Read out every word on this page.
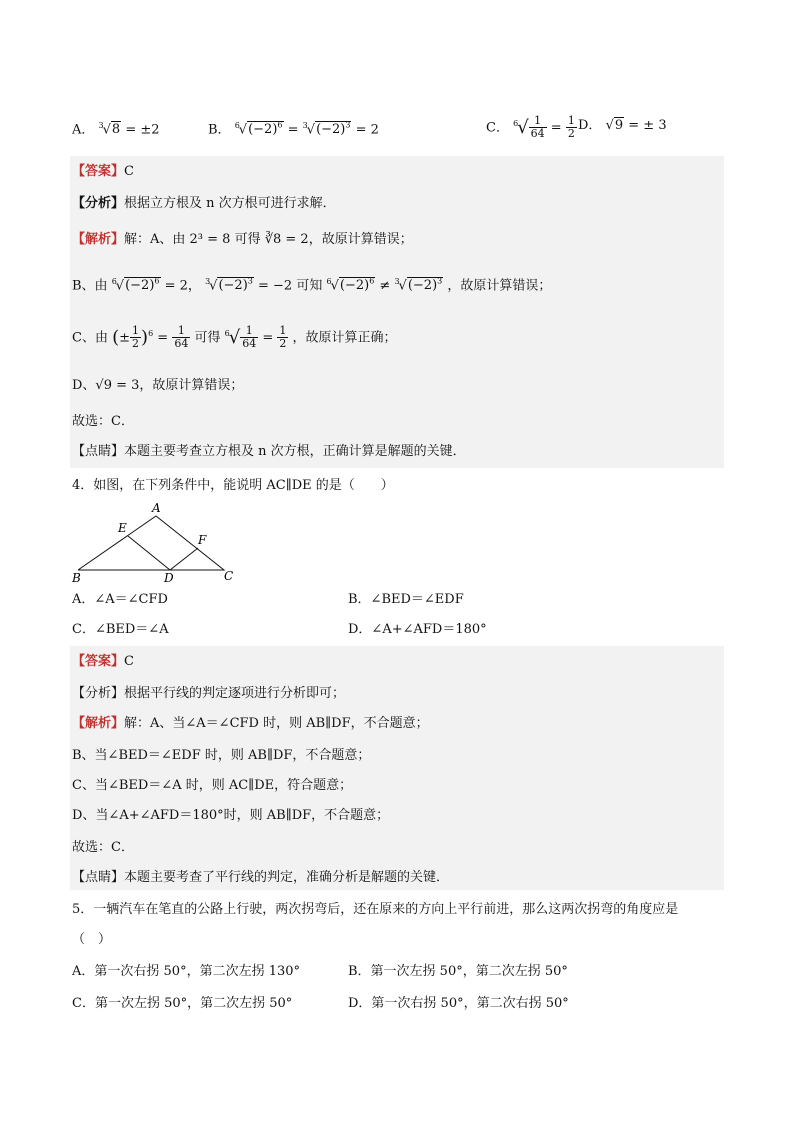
A． $^3$√8 = ±2	B． $^6√(-2)^6 = ^3√(-2)^3 = 2$	C． $^6√ \frac{1}{64} = \frac{1}{2}$ D． √9 = ± 3
【答案】C
【分析】根据立方根及 n 次方根可进行求解．
【解析】解：A、由 2³ = 8 可得 ∛8 = 2，故原计算错误；
B、由 $^6√(-2)^6 = 2$， $^3√(-2)^3 = -2$ 可知 $^6√(-2)^6 \ne ^3√(-2)^3$ ，故原计算错误；
C、由 (± $\frac{1}{2} )^6 = \frac{1}{64}$ 可得 $^6√ \frac{1}{64} = \frac{1}{2}$ ，故原计算正确；
D、√9 = 3，故原计算错误；
故选：C．
【点睛】本题主要考查立方根及 n 次方根，正确计算是解题的关键．
4．如图，在下列条件中，能说明 AC∥DE 的是（　　）
A
E
F
B	D	C
A．∠A＝∠CFD	B．∠BED＝∠EDF
C．∠BED＝∠A	D．∠A+∠AFD＝180°
【答案】C
【分析】根据平行线的判定逐项进行分析即可；
【解析】解：A、当∠A＝∠CFD 时，则 AB∥DF，不合题意；
B、当∠BED＝∠EDF 时，则 AB∥DF，不合题意；
C、当∠BED＝∠A 时，则 AC∥DE，符合题意；
D、当∠A+∠AFD＝180°时，则 AB∥DF，不合题意；
故选：C．
【点睛】本题主要考查了平行线的判定，准确分析是解题的关键．
5．一辆汽车在笔直的公路上行驶，两次拐弯后，还在原来的方向上平行前进，那么这两次拐弯的角度应是
（　）
A．第一次右拐 50°，第二次左拐 130°	B．第一次左拐 50°，第二次左拐 50°
C．第一次左拐 50°，第二次左拐 50°	D．第一次右拐 50°，第二次右拐 50°
